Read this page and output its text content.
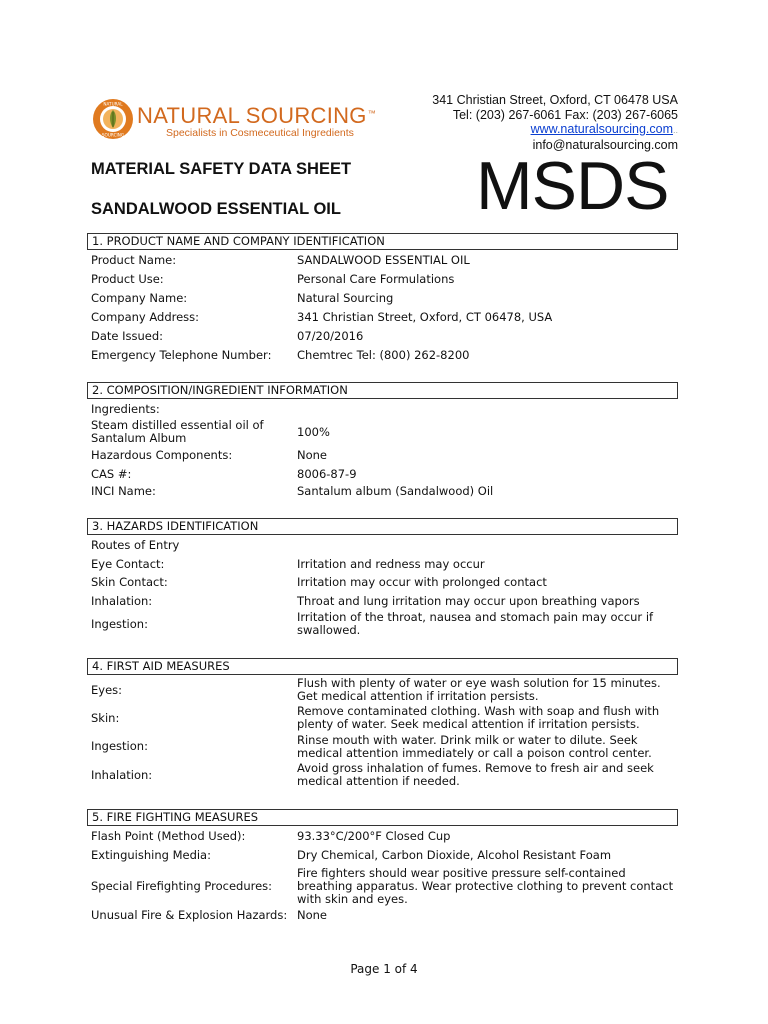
NATURAL
SOURCING
NATURAL SOURCING™
Specialists in Cosmeceutical Ingredients
341 Christian Street, Oxford, CT 06478 USA
Tel: (203) 267-6061 Fax: (203) 267-6065
www.naturalsourcing.com..
info@naturalsourcing.com
MATERIAL SAFETY DATA SHEET
SANDALWOOD ESSENTIAL OIL MSDS
1. PRODUCT NAME AND COMPANY IDENTIFICATION
Product Name:	SANDALWOOD ESSENTIAL OIL
Product Use:	Personal Care Formulations
Company Name:	Natural Sourcing
Company Address:	341 Christian Street, Oxford, CT 06478, USA
Date Issued:	07/20/2016
Emergency Telephone Number:	Chemtrec Tel: (800) 262-8200
2. COMPOSITION/INGREDIENT INFORMATION
Ingredients:
Steam distilled essential oil of Santalum Album	100%
Hazardous Components:	None
CAS #:	8006-87-9
INCI Name:	Santalum album (Sandalwood) Oil
3. HAZARDS IDENTIFICATION
Routes of Entry
Eye Contact:	Irritation and redness may occur
Skin Contact:	Irritation may occur with prolonged contact
Inhalation:	Throat and lung irritation may occur upon breathing vapors
Ingestion:	Irritation of the throat, nausea and stomach pain may occur if swallowed.
4. FIRST AID MEASURES
Eyes:	Flush with plenty of water or eye wash solution for 15 minutes. Get medical attention if irritation persists.
Skin:	Remove contaminated clothing. Wash with soap and flush with plenty of water. Seek medical attention if irritation persists.
Ingestion:	Rinse mouth with water. Drink milk or water to dilute. Seek medical attention immediately or call a poison control center.
Inhalation:	Avoid gross inhalation of fumes. Remove to fresh air and seek medical attention if needed.
5. FIRE FIGHTING MEASURES
Flash Point (Method Used):	93.33°C/200°F Closed Cup
Extinguishing Media:	Dry Chemical, Carbon Dioxide, Alcohol Resistant Foam
Special Firefighting Procedures:
Fire fighters should wear positive pressure self-contained breathing apparatus. Wear protective clothing to prevent contact with skin and eyes.
Unusual Fire & Explosion Hazards: None
Page 1 of 4
